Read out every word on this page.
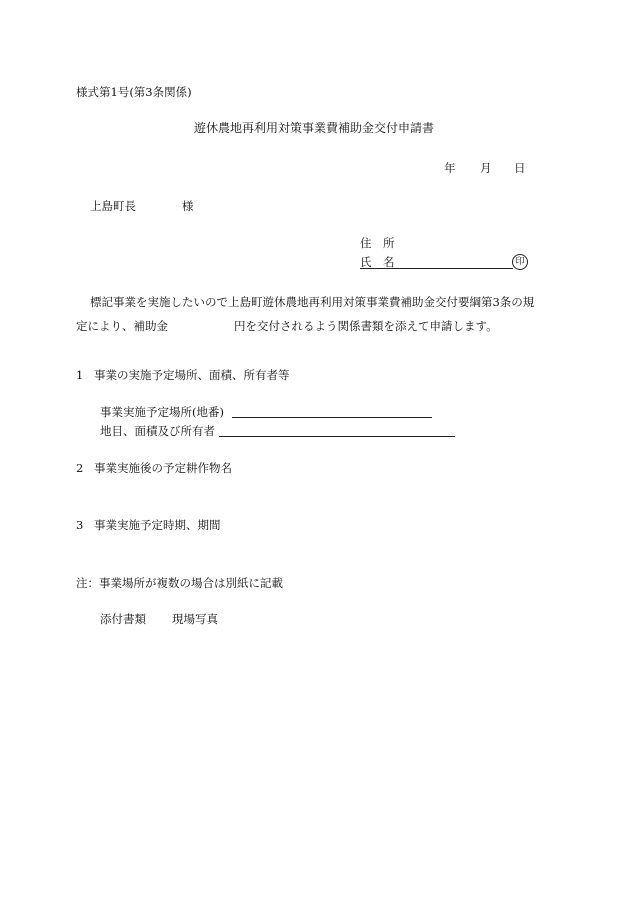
様式第1号(第3条関係)
遊休農地再利用対策事業費補助金交付申請書
年 月 日
上島町長	様
住　所
氏　名	印
標記事業を実施したいので上島町遊休農地再利用対策事業費補助金交付要綱第3条の規
定により、補助金	円を交付されるよう関係書類を添えて申請します。
1 事業の実施予定場所、面積、所有者等
事業実施予定場所(地番)
地目、面積及び所有者
2 事業実施後の予定耕作物名
3 事業実施予定時期、期間
注：事業場所が複数の場合は別紙に記載
添付書類 現場写真
